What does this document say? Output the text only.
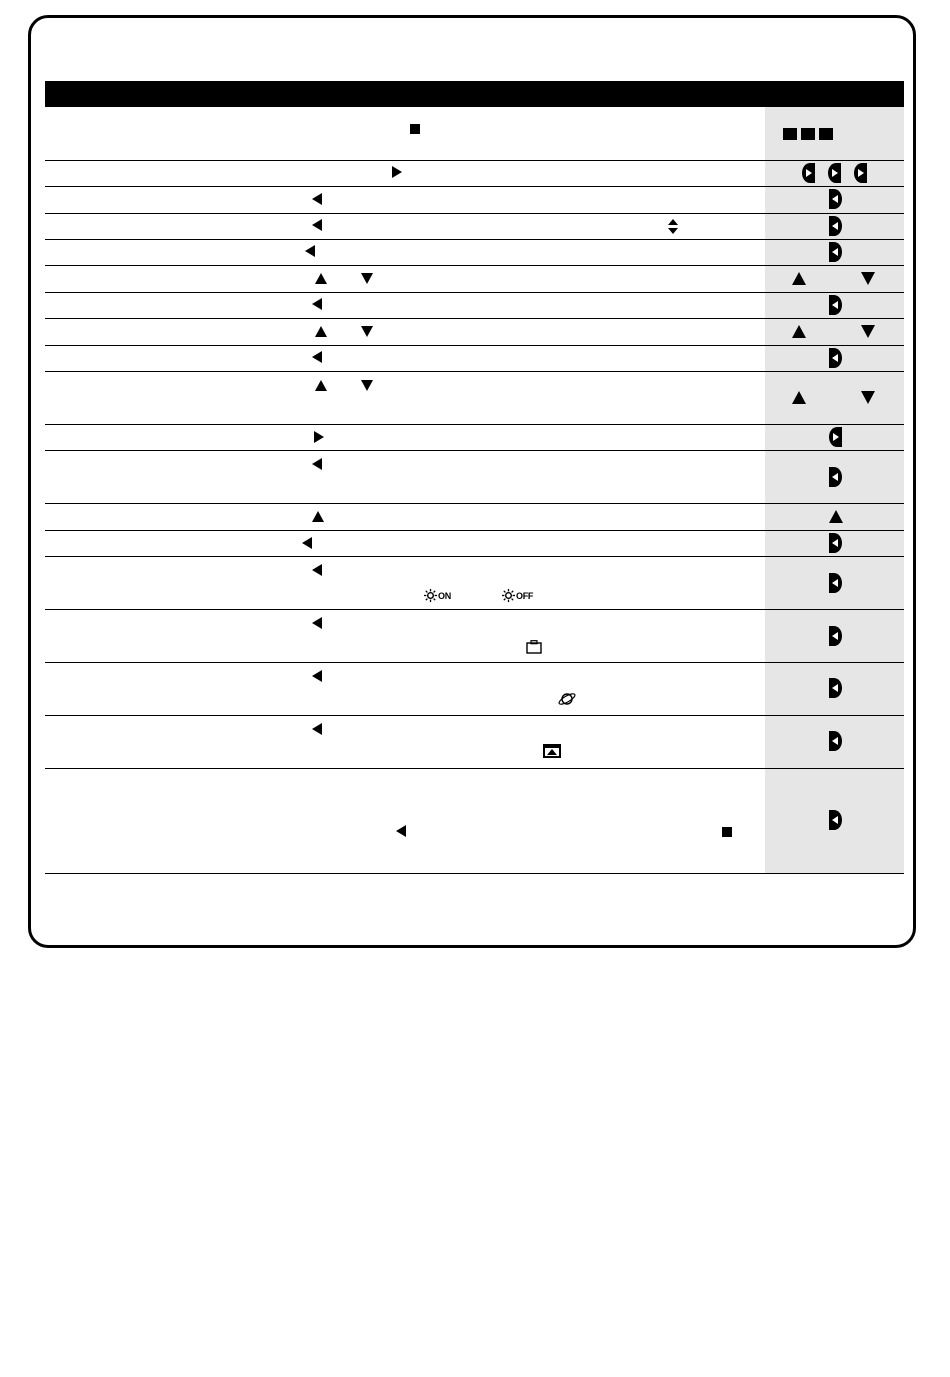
ON	OFF
